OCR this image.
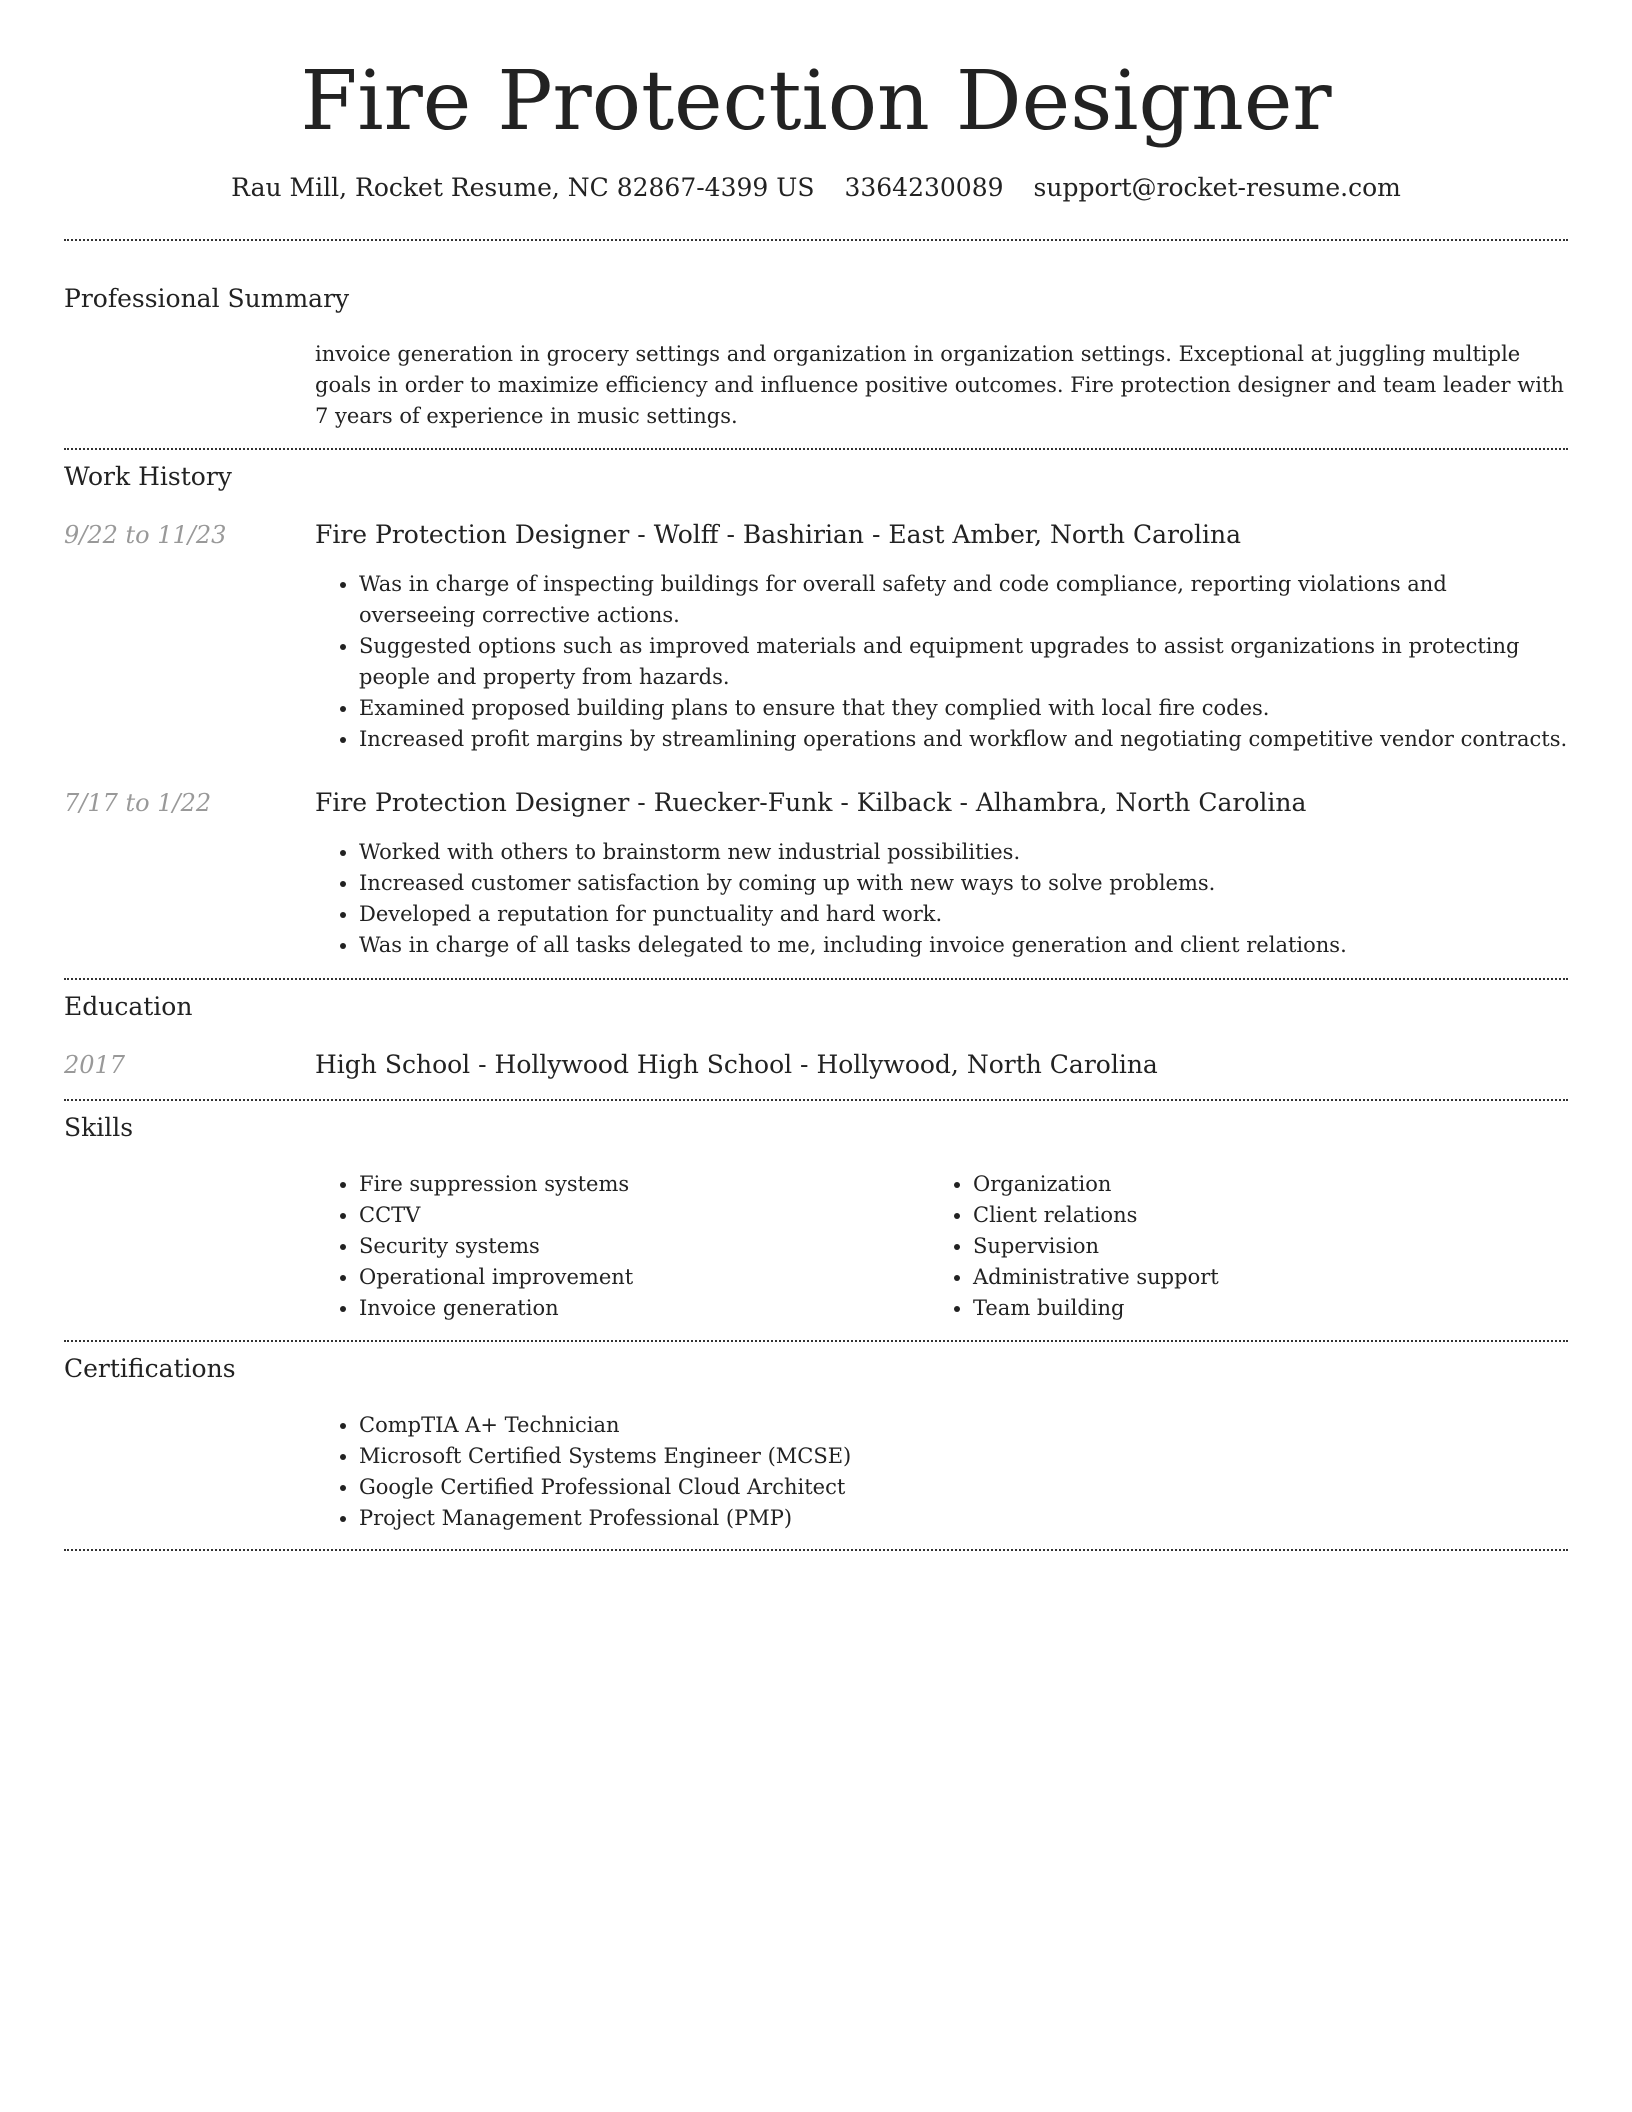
Fire Protection Designer
Rau Mill, Rocket Resume, NC 82867-4399 US 3364230089 support@rocket-resume.com
Professional Summary
invoice generation in grocery settings and organization in organization settings. Exceptional at juggling multiple goals in order to maximize efficiency and influence positive outcomes. Fire protection designer and team leader with 7 years of experience in music settings.
Work History
9/22 to 11/23	Fire Protection Designer - Wolff - Bashirian - East Amber, North Carolina
• Was in charge of inspecting buildings for overall safety and code compliance, reporting violations and overseeing corrective actions.
• Suggested options such as improved materials and equipment upgrades to assist organizations in protecting people and property from hazards.
• Examined proposed building plans to ensure that they complied with local fire codes.
• Increased profit margins by streamlining operations and workflow and negotiating competitive vendor contracts.
7/17 to 1/22	Fire Protection Designer - Ruecker-Funk - Kilback - Alhambra, North Carolina
• Worked with others to brainstorm new industrial possibilities.
• Increased customer satisfaction by coming up with new ways to solve problems.
• Developed a reputation for punctuality and hard work.
• Was in charge of all tasks delegated to me, including invoice generation and client relations.
Education
2017	High School - Hollywood High School - Hollywood, North Carolina
Skills
• Fire suppression systems
• CCTV
• Security systems
• Operational improvement
• Invoice generation
• Organization
• Client relations
• Supervision
• Administrative support
• Team building
Certifications
• CompTIA A+ Technician
• Microsoft Certified Systems Engineer (MCSE)
• Google Certified Professional Cloud Architect
• Project Management Professional (PMP)
